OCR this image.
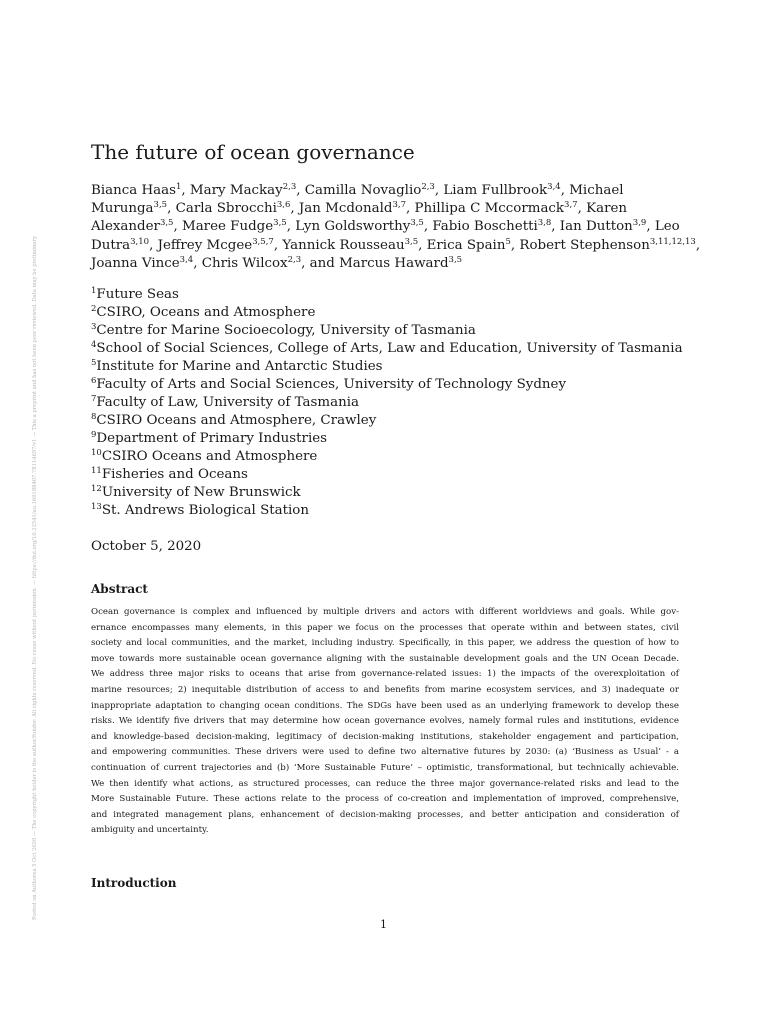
Posted on Authorea 5 Oct 2020 — The copyright holder is the author/funder. All rights reserved. No reuse without permission. — https://doi.org/10.22541/au.160188407.78114697/v1 — This a preprint and has not been peer reviewed. Data may be preliminary.
The future of ocean governance

Bianca Haas$^1$, Mary Mackay$^{2,3}$, Camilla Novaglio$^{2,3}$, Liam Fullbrook$^{3,4}$, Michael

Murunga$^{3,5}$, Carla Sbrocchi$^{3,6}$, Jan Mcdonald$^{3,7}$, Phillipa C Mccormack$^{3,7}$, Karen

Alexander$^{3,5}$, Maree Fudge$^{3,5}$, Lyn Goldsworthy$^{3,5}$, Fabio Boschetti$^{3,8}$, Ian Dutton$^{3,9}$, Leo

Dutra$^{3,10}$, Jeffrey Mcgee$^{3,5,7}$, Yannick Rousseau$^{3,5}$, Erica Spain$^5$, Robert Stephenson$^{3,11,12,13}$,

Joanna Vince$^{3,4}$, Chris Wilcox$^{2,3}$, and Marcus Haward$^{3,5}$

$^1$Future Seas
$^2$CSIRO, Oceans and Atmosphere
$^3$Centre for Marine Socioecology, University of Tasmania
$^4$School of Social Sciences, College of Arts, Law and Education, University of Tasmania
$^5$Institute for Marine and Antarctic Studies
$^6$Faculty of Arts and Social Sciences, University of Technology Sydney
$^7$Faculty of Law, University of Tasmania
$^8$CSIRO Oceans and Atmosphere, Crawley
$^9$Department of Primary Industries
$^{10}$CSIRO Oceans and Atmosphere
$^{11}$Fisheries and Oceans
$^{12}$University of New Brunswick
$^{13}$St. Andrews Biological Station
October 5, 2020
Abstract
Ocean governance is complex and influenced by multiple drivers and actors with different worldviews and goals. While gov-
ernance encompasses many elements, in this paper we focus on the processes that operate within and between states, civil
society and local communities, and the market, including industry. Specifically, in this paper, we address the question of how to
move towards more sustainable ocean governance aligning with the sustainable development goals and the UN Ocean Decade.
We address three major risks to oceans that arise from governance-related issues: 1) the impacts of the overexploitation of
marine resources; 2) inequitable distribution of access to and benefits from marine ecosystem services, and 3) inadequate or
inappropriate adaptation to changing ocean conditions. The SDGs have been used as an underlying framework to develop these
risks. We identify five drivers that may determine how ocean governance evolves, namely formal rules and institutions, evidence
and knowledge-based decision-making, legitimacy of decision-making institutions, stakeholder engagement and participation,
and empowering communities. These drivers were used to define two alternative futures by 2030: (a) ‘Business as Usual’ - a
continuation of current trajectories and (b) ‘More Sustainable Future’ – optimistic, transformational, but technically achievable.
We then identify what actions, as structured processes, can reduce the three major governance-related risks and lead to the
More Sustainable Future. These actions relate to the process of co-creation and implementation of improved, comprehensive,
and integrated management plans, enhancement of decision-making processes, and better anticipation and consideration of
ambiguity and uncertainty.
Introduction
1
